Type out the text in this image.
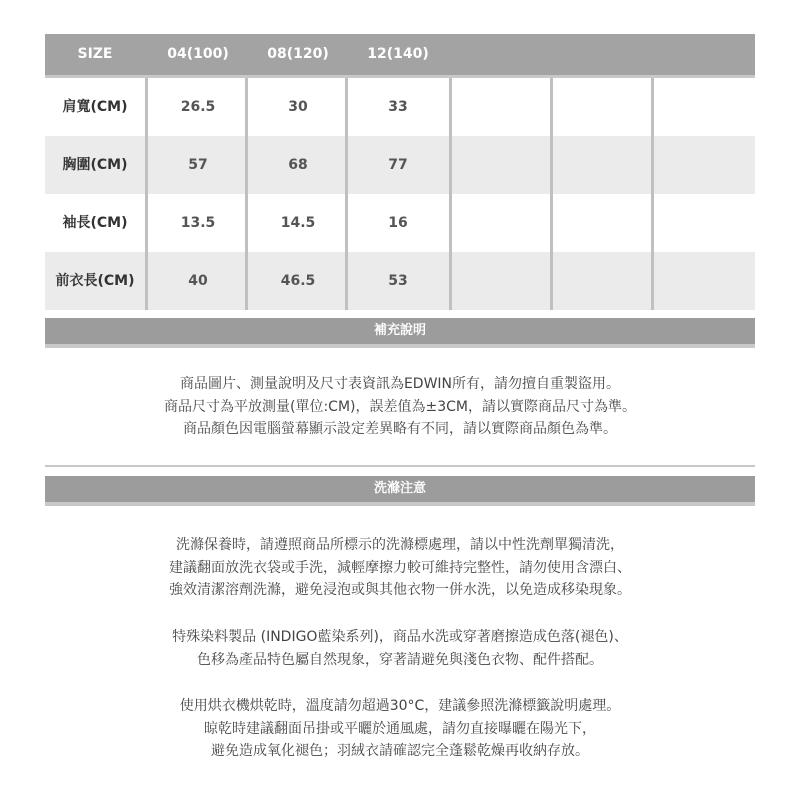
SIZE	04(100)	08(120)	12(140)
肩寬(CM)	26.5	30	33
胸圍(CM)	57	68	77
袖長(CM)	13.5	14.5	16
前衣長(CM)	40	46.5	53
補充說明
商品圖片、測量說明及尺寸表資訊為EDWIN所有，請勿擅自重製盜用。
商品尺寸為平放測量(單位:CM)，誤差值為±3CM，請以實際商品尺寸為準。
商品顏色因電腦螢幕顯示設定差異略有不同，請以實際商品顏色為準。
洗滌注意
洗滌保養時，請遵照商品所標示的洗滌標處理，請以中性洗劑單獨清洗，
建議翻面放洗衣袋或手洗，減輕摩擦力較可維持完整性，請勿使用含漂白、
強效清潔溶劑洗滌，避免浸泡或與其他衣物一併水洗，以免造成移染現象。
特殊染料製品 (INDIGO藍染系列)，商品水洗或穿著磨擦造成色落(褪色)、
色移為產品特色屬自然現象，穿著請避免與淺色衣物、配件搭配。
使用烘衣機烘乾時，溫度請勿超過30°C，建議參照洗滌標籤說明處理。
晾乾時建議翻面吊掛或平曬於通風處，請勿直接曝曬在陽光下，
避免造成氧化褪色；羽絨衣請確認完全蓬鬆乾燥再收納存放。
